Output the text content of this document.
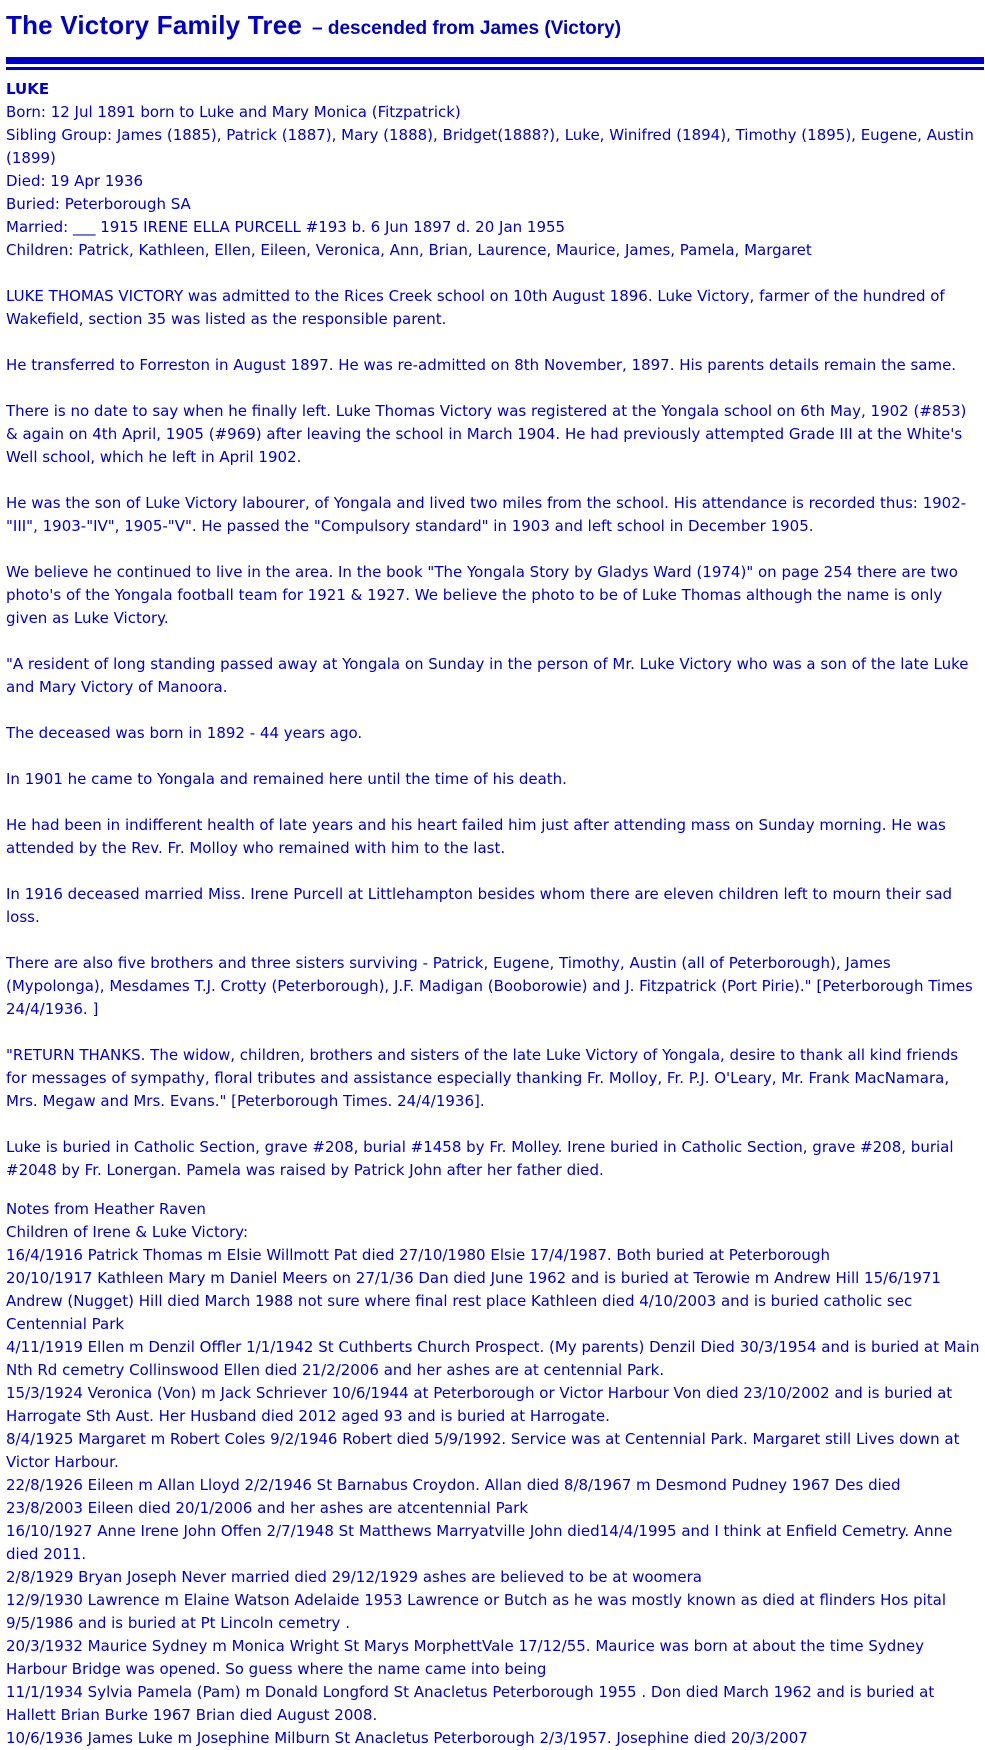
The Victory Family Tree – descended from James (Victory)
LUKE
Born: 12 Jul 1891 born to Luke and Mary Monica (Fitzpatrick)
Sibling Group: James (1885), Patrick (1887), Mary (1888), Bridget(1888?), Luke, Winifred (1894), Timothy (1895), Eugene, Austin (1899)
Died: 19 Apr 1936
Buried: Peterborough SA
Married: ___ 1915 IRENE ELLA PURCELL #193 b. 6 Jun 1897 d. 20 Jan 1955
Children: Patrick, Kathleen, Ellen, Eileen, Veronica, Ann, Brian, Laurence, Maurice, James, Pamela, Margaret

LUKE THOMAS VICTORY was admitted to the Rices Creek school on 10th August 1896. Luke Victory, farmer of the hundred of Wakefield, section 35 was listed as the responsible parent.

He transferred to Forreston in August 1897. He was re-admitted on 8th November, 1897. His parents details remain the same.

There is no date to say when he finally left. Luke Thomas Victory was registered at the Yongala school on 6th May, 1902 (#853) & again on 4th April, 1905 (#969) after leaving the school in March 1904. He had previously attempted Grade III at the White's Well school, which he left in April 1902.

He was the son of Luke Victory labourer, of Yongala and lived two miles from the school. His attendance is recorded thus: 1902-"III", 1903-"IV", 1905-"V". He passed the "Compulsory standard" in 1903 and left school in December 1905.

We believe he continued to live in the area. In the book "The Yongala Story by Gladys Ward (1974)" on page 254 there are two photo's of the Yongala football team for 1921 & 1927. We believe the photo to be of Luke Thomas although the name is only given as Luke Victory.

"A resident of long standing passed away at Yongala on Sunday in the person of Mr. Luke Victory who was a son of the late Luke and Mary Victory of Manoora.

The deceased was born in 1892 - 44 years ago.

In 1901 he came to Yongala and remained here until the time of his death.

He had been in indifferent health of late years and his heart failed him just after attending mass on Sunday morning. He was attended by the Rev. Fr. Molloy who remained with him to the last.

In 1916 deceased married Miss. Irene Purcell at Littlehampton besides whom there are eleven children left to mourn their sad loss.

There are also five brothers and three sisters surviving - Patrick, Eugene, Timothy, Austin (all of Peterborough), James (Mypolonga), Mesdames T.J. Crotty (Peterborough), J.F. Madigan (Booborowie) and J. Fitzpatrick (Port Pirie)." [Peterborough Times 24/4/1936. ]

"RETURN THANKS. The widow, children, brothers and sisters of the late Luke Victory of Yongala, desire to thank all kind friends for messages of sympathy, floral tributes and assistance especially thanking Fr. Molloy, Fr. P.J. O'Leary, Mr. Frank MacNamara, Mrs. Megaw and Mrs. Evans." [Peterborough Times. 24/4/1936].

Luke is buried in Catholic Section, grave #208, burial #1458 by Fr. Molley. Irene buried in Catholic Section, grave #208, burial #2048 by Fr. Lonergan. Pamela was raised by Patrick John after her father died.

Notes from Heather Raven
Children of Irene & Luke Victory:
16/4/1916 Patrick Thomas m Elsie Willmott Pat died 27/10/1980 Elsie 17/4/1987. Both buried at Peterborough
20/10/1917 Kathleen Mary m Daniel Meers on 27/1/36 Dan died June 1962 and is buried at Terowie m Andrew Hill 15/6/1971 Andrew (Nugget) Hill died March 1988 not sure where final rest place Kathleen died 4/10/2003 and is buried catholic sec Centennial Park
4/11/1919 Ellen m Denzil Offler 1/1/1942 St Cuthberts Church Prospect. (My parents) Denzil Died 30/3/1954 and is buried at Main Nth Rd cemetry Collinswood Ellen died 21/2/2006 and her ashes are at centennial Park.
15/3/1924 Veronica (Von) m Jack Schriever 10/6/1944 at Peterborough or Victor Harbour Von died 23/10/2002 and is buried at Harrogate Sth Aust. Her Husband died 2012 aged 93 and is buried at Harrogate.
8/4/1925 Margaret m Robert Coles 9/2/1946 Robert died 5/9/1992. Service was at Centennial Park. Margaret still Lives down at Victor Harbour.
22/8/1926 Eileen m Allan Lloyd 2/2/1946 St Barnabus Croydon. Allan died 8/8/1967 m Desmond Pudney 1967 Des died 23/8/2003 Eileen died 20/1/2006 and her ashes are atcentennial Park
16/10/1927 Anne Irene John Offen 2/7/1948 St Matthews Marryatville John died14/4/1995 and I think at Enfield Cemetry. Anne died 2011.
2/8/1929 Bryan Joseph Never married died 29/12/1929 ashes are believed to be at woomera
12/9/1930 Lawrence m Elaine Watson Adelaide 1953 Lawrence or Butch as he was mostly known as died at flinders Hos pital 9/5/1986 and is buried at Pt Lincoln cemetry .
20/3/1932 Maurice Sydney m Monica Wright St Marys MorphettVale 17/12/55. Maurice was born at about the time Sydney Harbour Bridge was opened. So guess where the name came into being
11/1/1934 Sylvia Pamela (Pam) m Donald Longford St Anacletus Peterborough 1955 . Don died March 1962 and is buried at Hallett Brian Burke 1967 Brian died August 2008.
10/6/1936 James Luke m Josephine Milburn St Anacletus Peterborough 2/3/1957. Josephine died 20/3/2007
